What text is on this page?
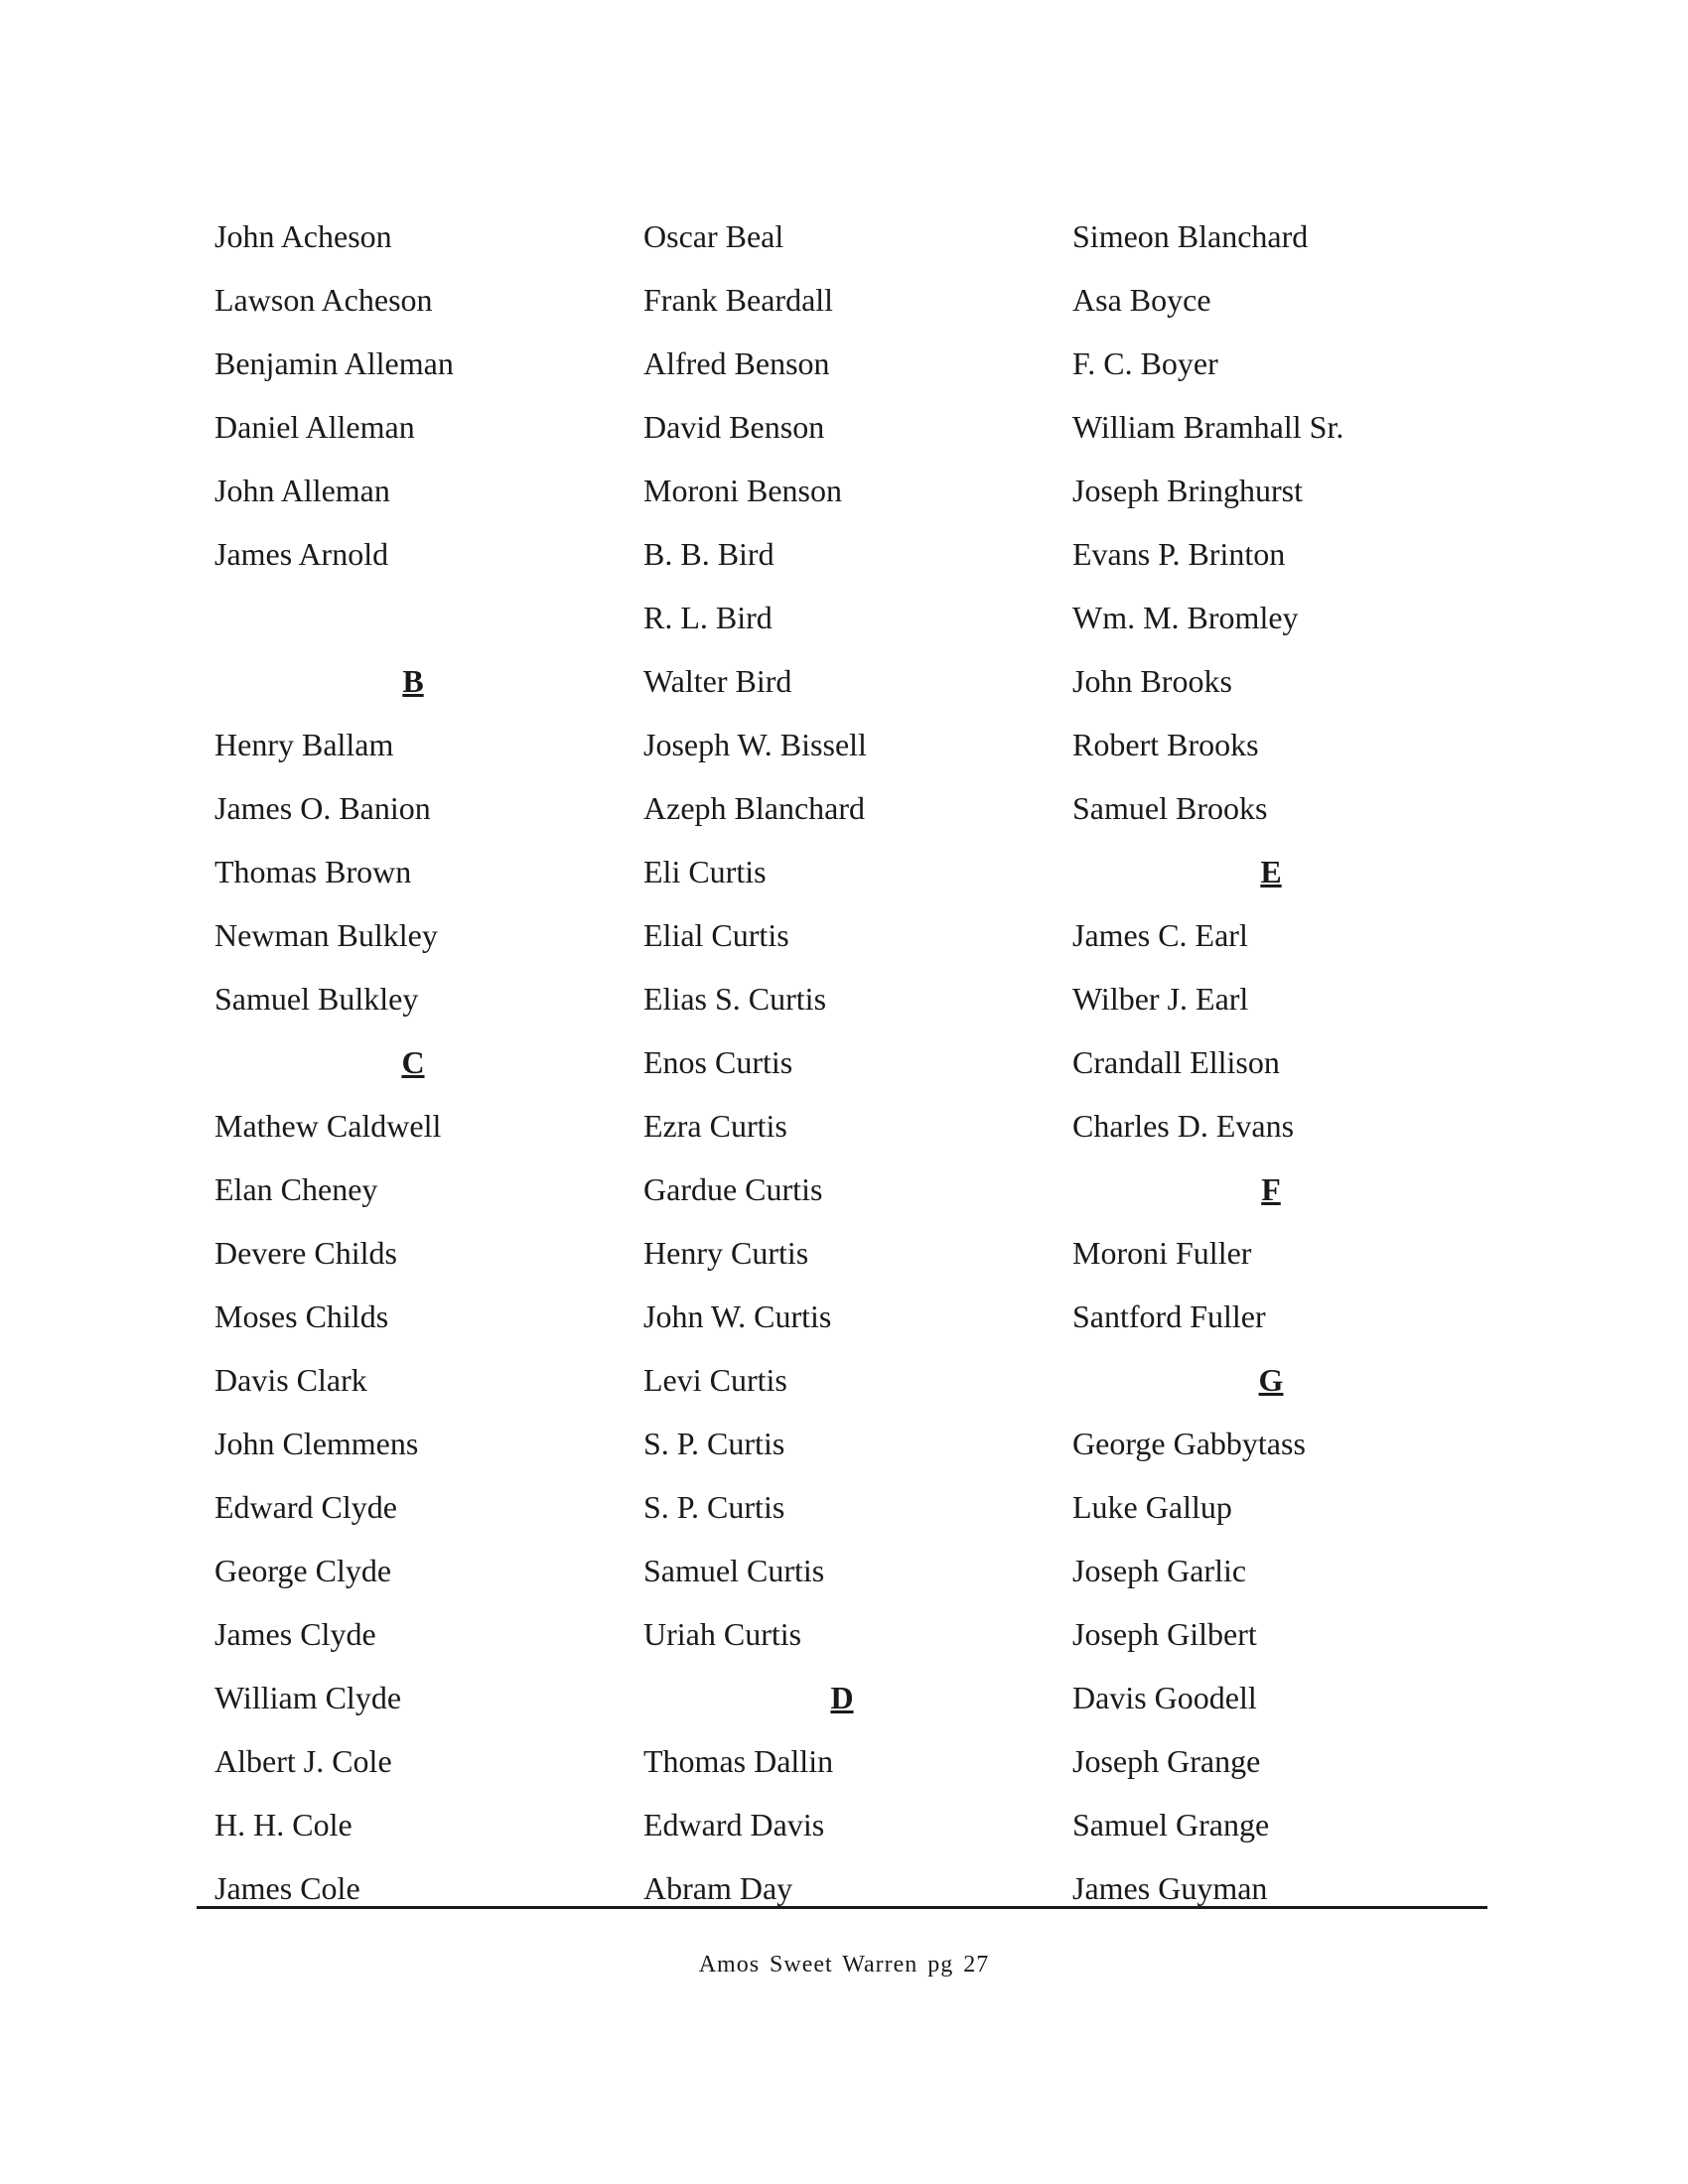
John Acheson
Lawson Acheson
Benjamin Alleman
Daniel Alleman
John Alleman
James Arnold
B
Henry Ballam
James O. Banion
Thomas Brown
Newman Bulkley
Samuel Bulkley
C
Mathew Caldwell
Elan Cheney
Devere Childs
Moses Childs
Davis Clark
John Clemmens
Edward Clyde
George Clyde
James Clyde
William Clyde
Albert J. Cole
H. H. Cole
James Cole
Oscar Beal
Frank Beardall
Alfred Benson
David Benson
Moroni Benson
B. B. Bird
R. L. Bird
Walter Bird
Joseph W. Bissell
Azeph Blanchard
Eli Curtis
Elial Curtis
Elias S. Curtis
Enos Curtis
Ezra Curtis
Gardue Curtis
Henry Curtis
John W. Curtis
Levi Curtis
S. P. Curtis
S. P. Curtis
Samuel Curtis
Uriah Curtis
D
Thomas Dallin
Edward Davis
Abram Day
Simeon Blanchard
Asa Boyce
F. C. Boyer
William Bramhall Sr.
Joseph Bringhurst
Evans P. Brinton
Wm. M. Bromley
John Brooks
Robert Brooks
Samuel Brooks
E
James C. Earl
Wilber J. Earl
Crandall Ellison
Charles D. Evans
F
Moroni Fuller
Santford Fuller
G
George Gabbytass
Luke Gallup
Joseph Garlic
Joseph Gilbert
Davis Goodell
Joseph Grange
Samuel Grange
James Guyman
Amos Sweet Warren pg 27
